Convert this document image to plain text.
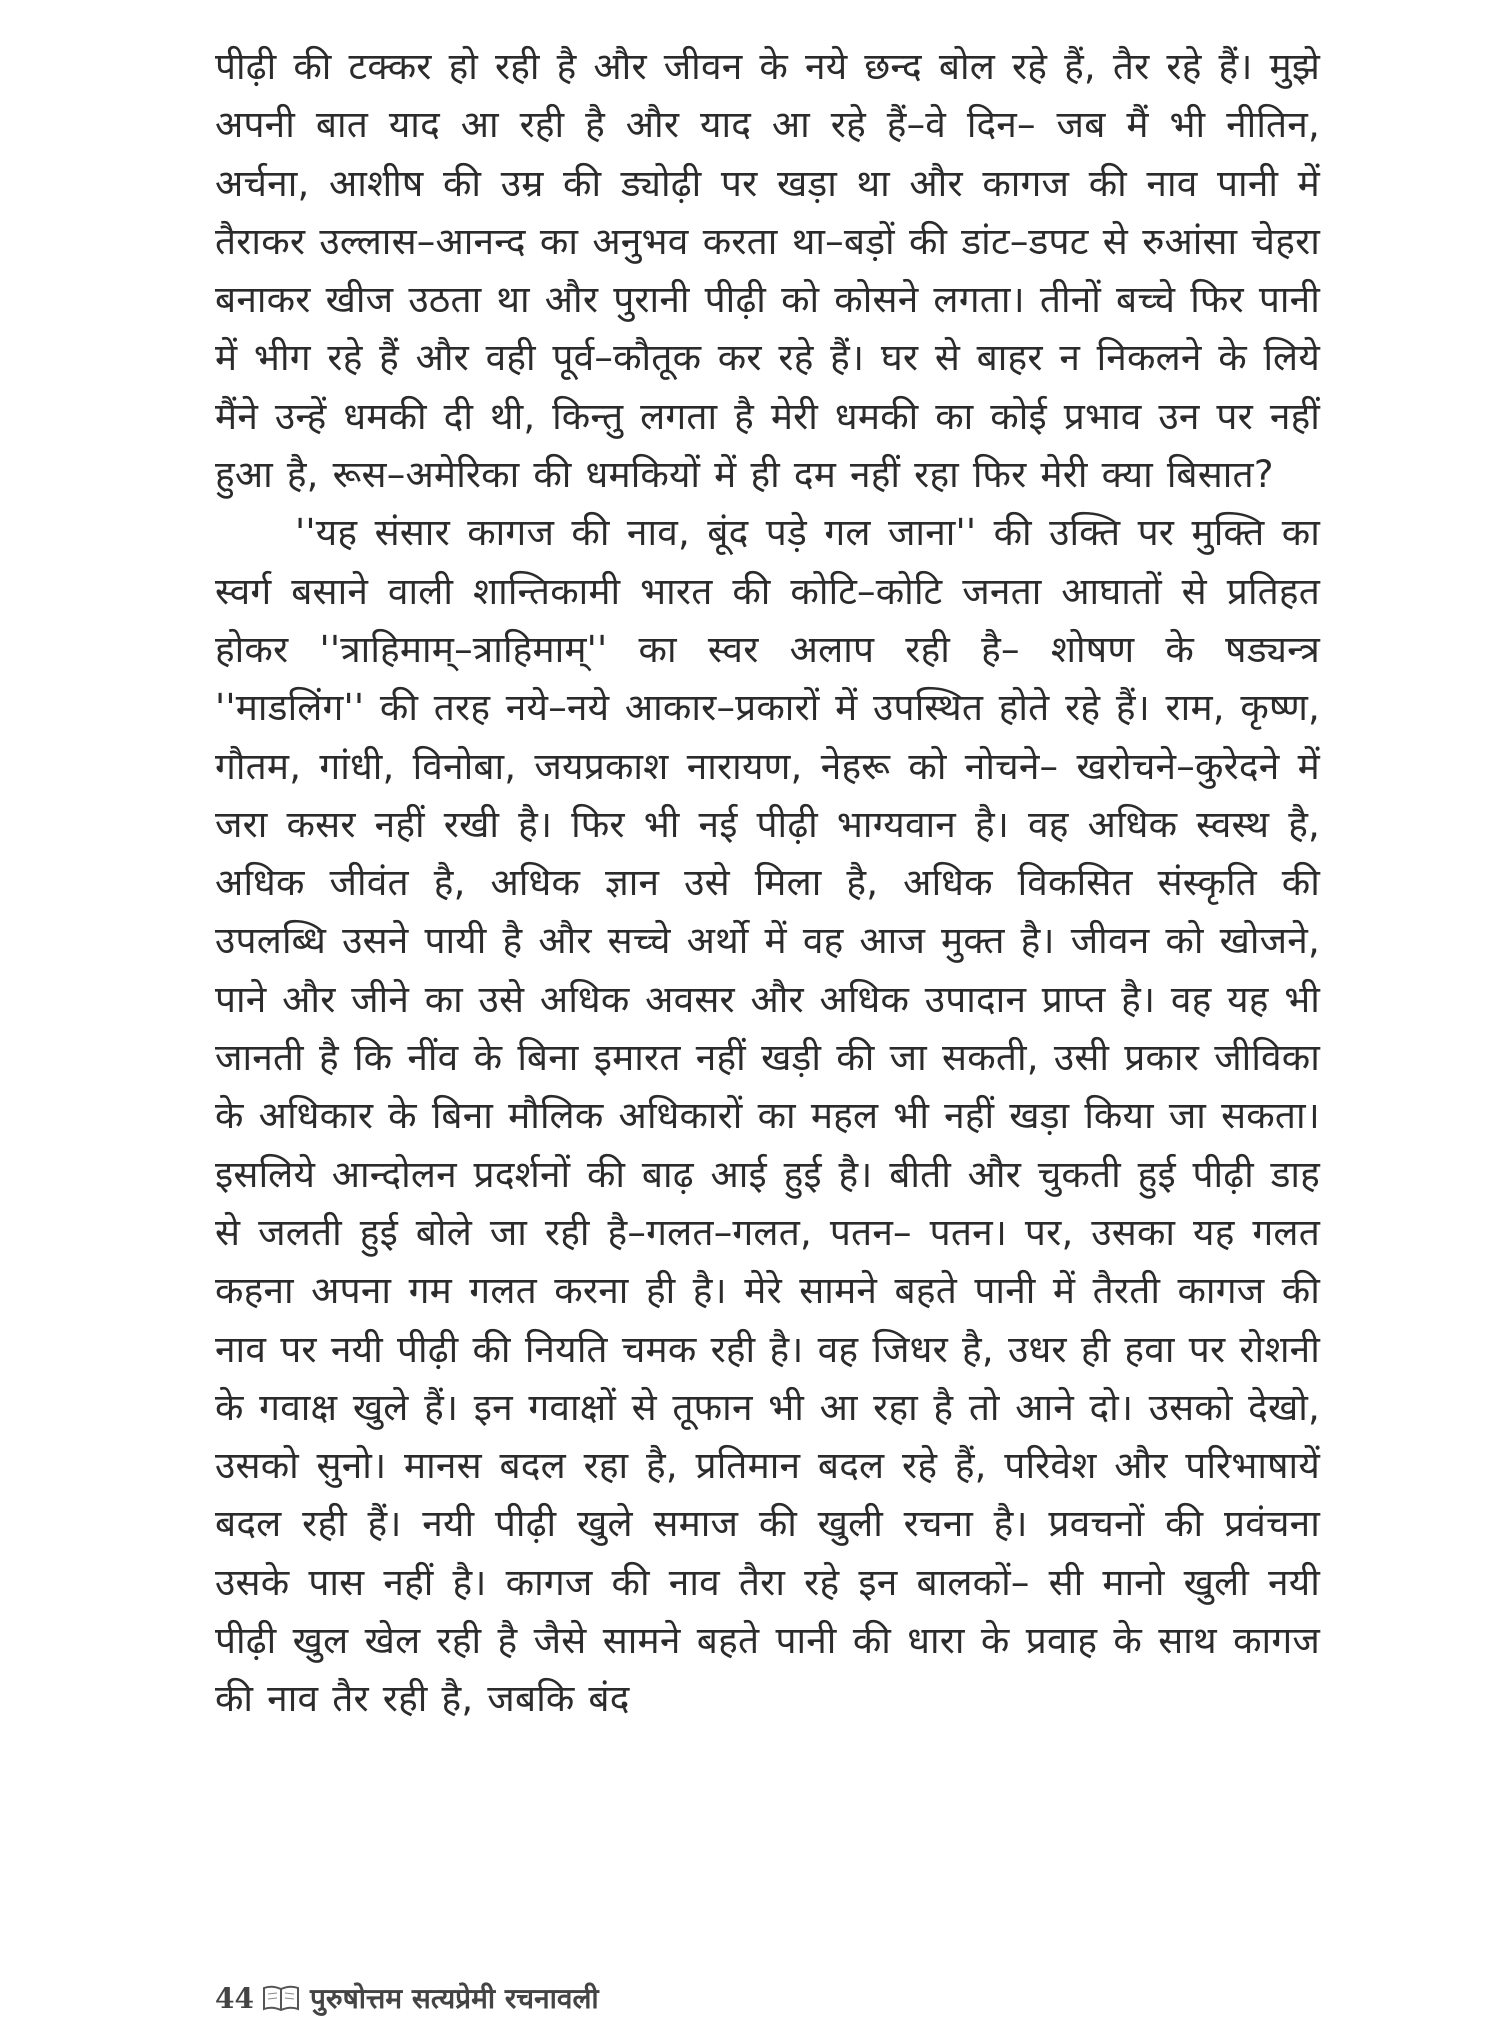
पीढ़ी की टक्कर हो रही है और जीवन के नये छन्द बोल रहे हैं, तैर रहे हैं। मुझे अपनी बात याद आ रही है और याद आ रहे हैं–वे दिन– जब मैं भी नीतिन, अर्चना, आशीष की उम्र की ड्योढ़ी पर खड़ा था और कागज की नाव पानी में तैराकर उल्लास–आनन्द का अनुभव करता था–बड़ों की डांट–डपट से रुआंसा चेहरा बनाकर खीज उठता था और पुरानी पीढ़ी को कोसने लगता। तीनों बच्चे फिर पानी में भीग रहे हैं और वही पूर्व–कौतूक कर रहे हैं। घर से बाहर न निकलने के लिये मैंने उन्हें धमकी दी थी, किन्तु लगता है मेरी धमकी का कोई प्रभाव उन पर नहीं हुआ है, रूस–अमेरिका की धमकियों में ही दम नहीं रहा फिर मेरी क्या बिसात?

''यह संसार कागज की नाव, बूंद पड़े गल जाना'' की उक्ति पर मुक्ति का स्वर्ग बसाने वाली शान्तिकामी भारत की कोटि–कोटि जनता आघातों से प्रतिहत होकर ''त्राहिमाम्–त्राहिमाम्'' का स्वर अलाप रही है– शोषण के षड्यन्त्र ''माडलिंग'' की तरह नये–नये आकार–प्रकारों में उपस्थित होते रहे हैं। राम, कृष्ण, गौतम, गांधी, विनोबा, जयप्रकाश नारायण, नेहरू को नोचने– खरोचने–कुरेदने में जरा कसर नहीं रखी है। फिर भी नई पीढ़ी भाग्यवान है। वह अधिक स्वस्थ है, अधिक जीवंत है, अधिक ज्ञान उसे मिला है, अधिक विकसित संस्कृति की उपलब्धि उसने पायी है और सच्चे अर्थो में वह आज मुक्त है। जीवन को खोजने, पाने और जीने का उसे अधिक अवसर और अधिक उपादान प्राप्त है। वह यह भी जानती है कि नींव के बिना इमारत नहीं खड़ी की जा सकती, उसी प्रकार जीविका के अधिकार के बिना मौलिक अधिकारों का महल भी नहीं खड़ा किया जा सकता। इसलिये आन्दोलन प्रदर्शनों की बाढ़ आई हुई है। बीती और चुकती हुई पीढ़ी डाह से जलती हुई बोले जा रही है–गलत–गलत, पतन– पतन। पर, उसका यह गलत कहना अपना गम गलत करना ही है। मेरे सामने बहते पानी में तैरती कागज की नाव पर नयी पीढ़ी की नियति चमक रही है। वह जिधर है, उधर ही हवा पर रोशनी के गवाक्ष खुले हैं। इन गवाक्षों से तूफान भी आ रहा है तो आने दो। उसको देखो, उसको सुनो। मानस बदल रहा है, प्रतिमान बदल रहे हैं, परिवेश और परिभाषायें बदल रही हैं। नयी पीढ़ी खुले समाज की खुली रचना है। प्रवचनों की प्रवंचना उसके पास नहीं है। कागज की नाव तैरा रहे इन बालकों– सी मानो खुली नयी पीढ़ी खुल खेल रही है जैसे सामने बहते पानी की धारा के प्रवाह के साथ कागज की नाव तैर रही है, जबकि बंद

44 पुरुषोत्तम सत्यप्रेमी रचनावली
